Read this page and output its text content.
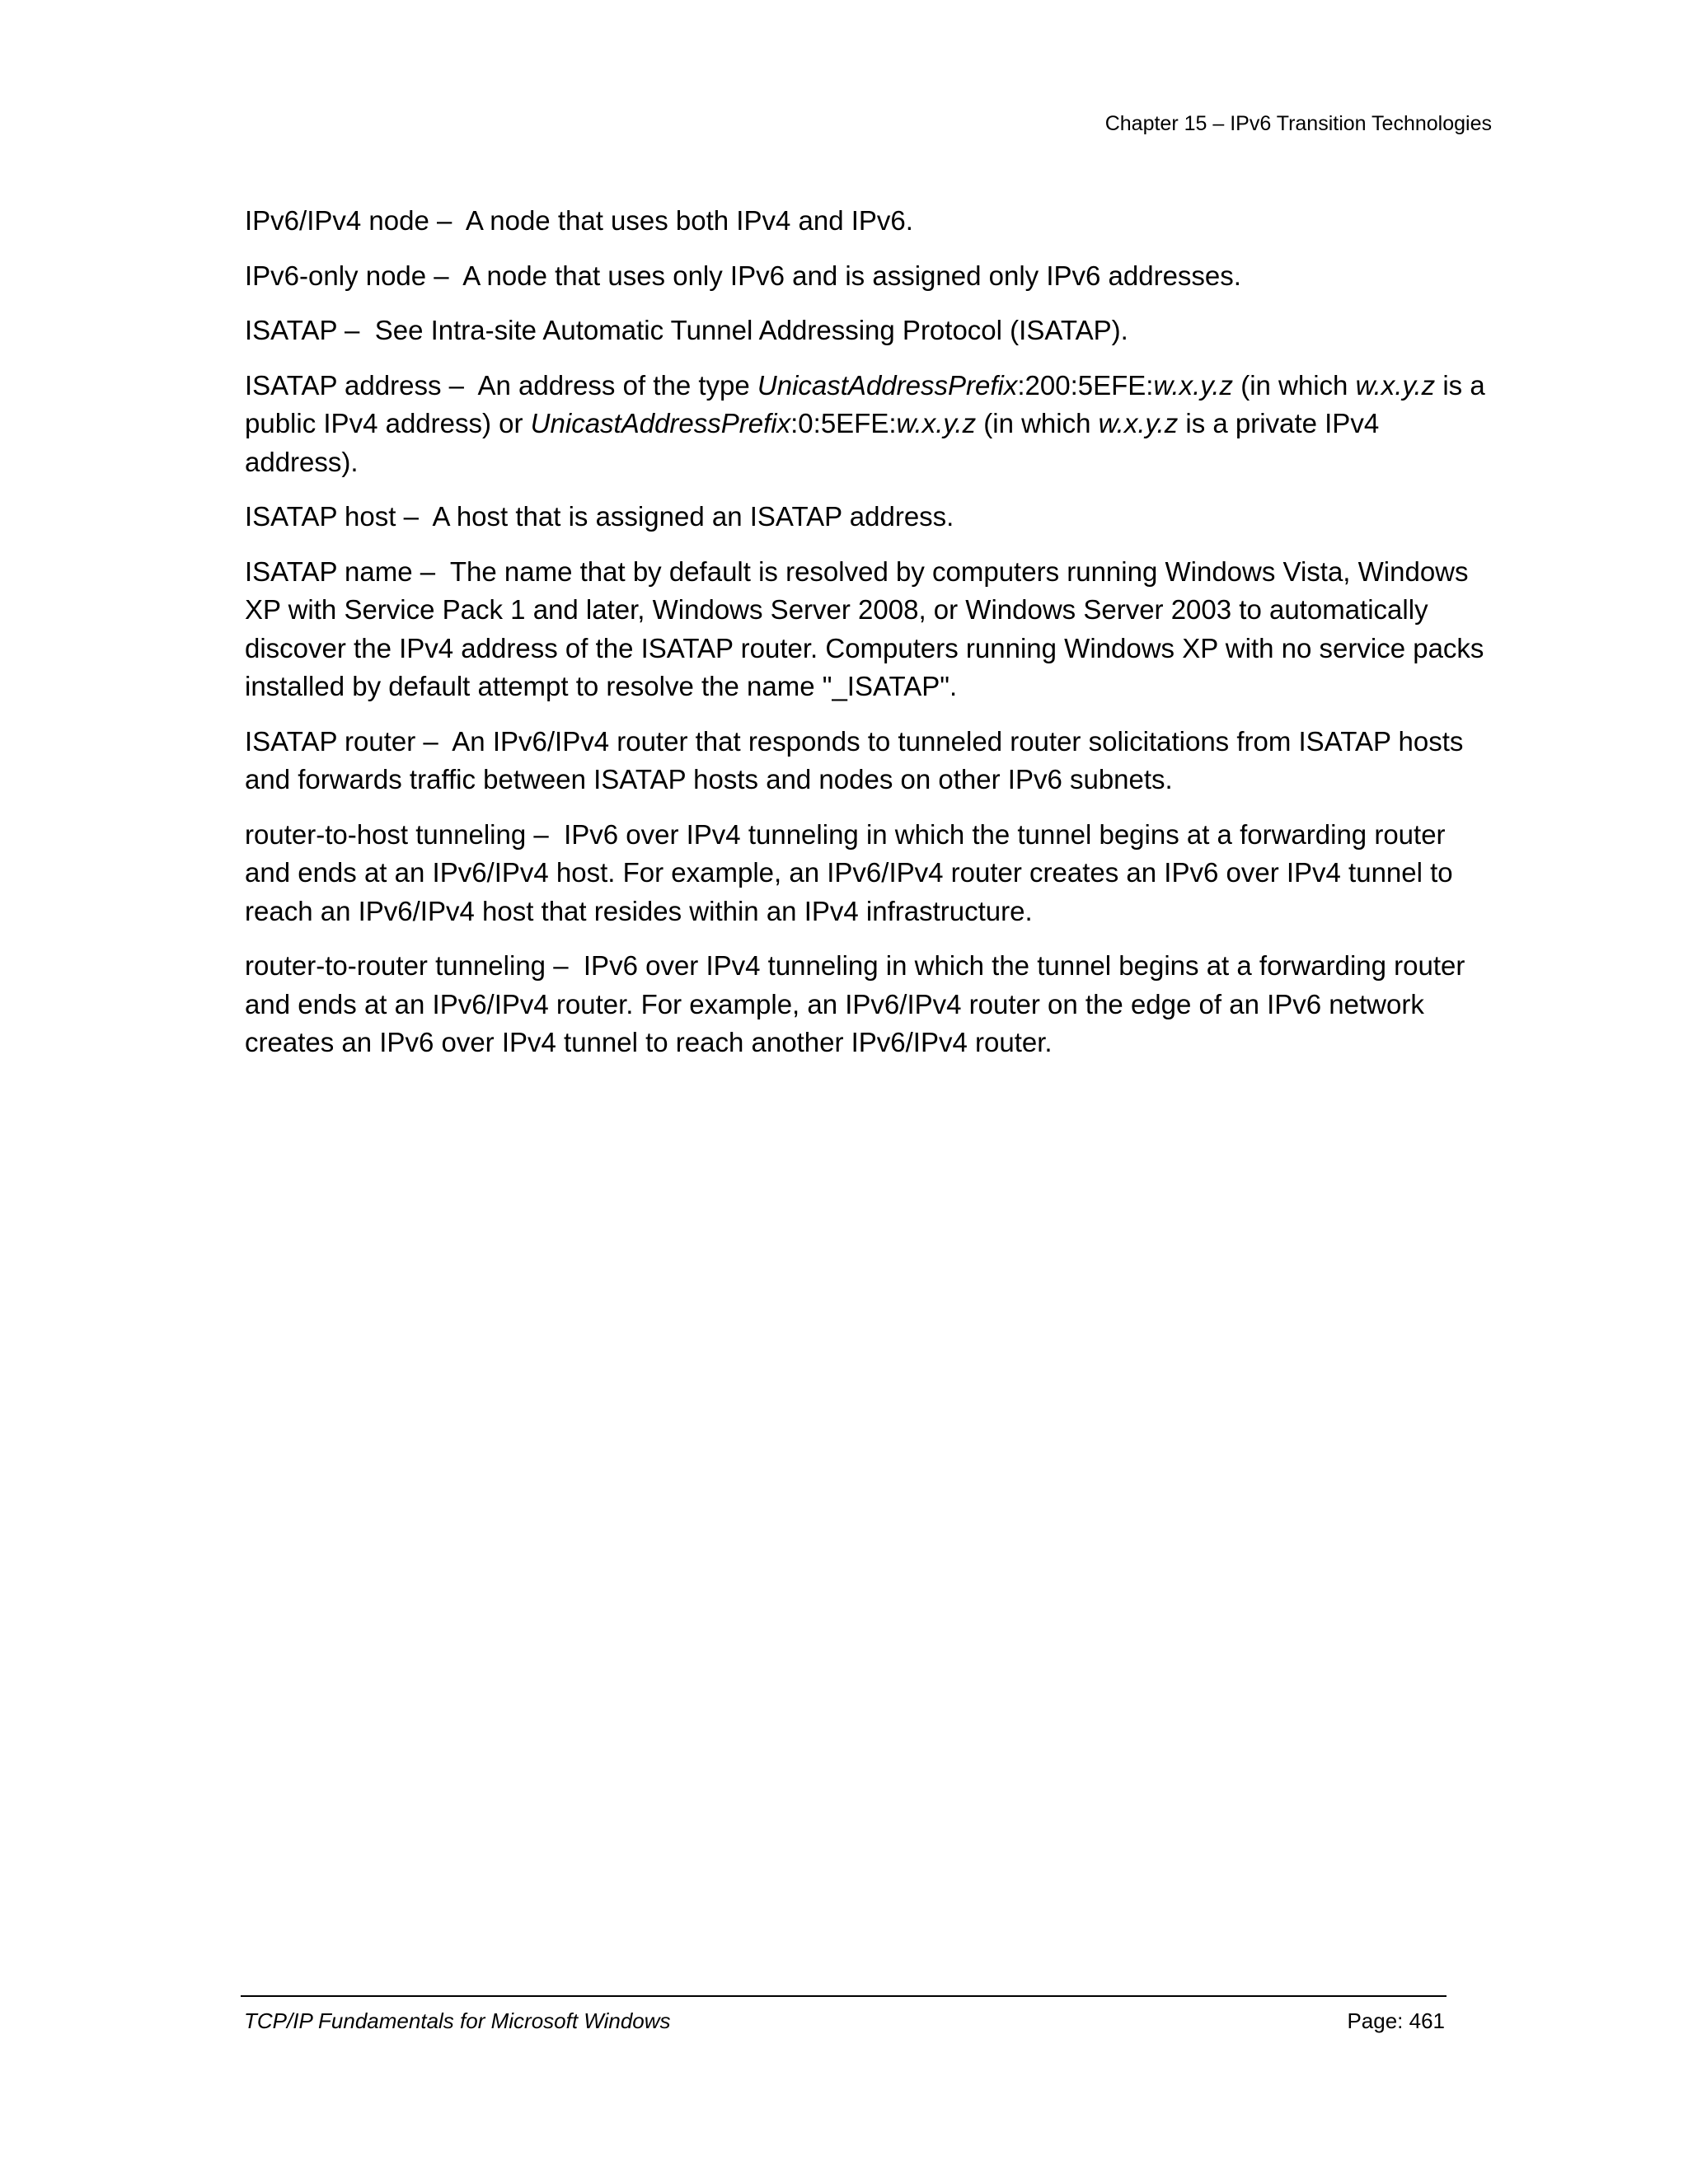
Chapter 15 – IPv6 Transition Technologies

IPv6/IPv4 node –  A node that uses both IPv4 and IPv6.

IPv6-only node –  A node that uses only IPv6 and is assigned only IPv6 addresses.

ISATAP –  See Intra-site Automatic Tunnel Addressing Protocol (ISATAP).

ISATAP address –  An address of the type UnicastAddressPrefix:200:5EFE:w.x.y.z (in which w.x.y.z is a public IPv4 address) or UnicastAddressPrefix:0:5EFE:w.x.y.z (in which w.x.y.z is a private IPv4 address).

ISATAP host –  A host that is assigned an ISATAP address.

ISATAP name –  The name that by default is resolved by computers running Windows Vista, Windows XP with Service Pack 1 and later, Windows Server 2008, or Windows Server 2003 to automatically discover the IPv4 address of the ISATAP router. Computers running Windows XP with no service packs installed by default attempt to resolve the name "_ISATAP".

ISATAP router –  An IPv6/IPv4 router that responds to tunneled router solicitations from ISATAP hosts and forwards traffic between ISATAP hosts and nodes on other IPv6 subnets.

router-to-host tunneling –  IPv6 over IPv4 tunneling in which the tunnel begins at a forwarding router and ends at an IPv6/IPv4 host. For example, an IPv6/IPv4 router creates an IPv6 over IPv4 tunnel to reach an IPv6/IPv4 host that resides within an IPv4 infrastructure.

router-to-router tunneling –  IPv6 over IPv4 tunneling in which the tunnel begins at a forwarding router and ends at an IPv6/IPv4 router. For example, an IPv6/IPv4 router on the edge of an IPv6 network creates an IPv6 over IPv4 tunnel to reach another IPv6/IPv4 router.

TCP/IP Fundamentals for Microsoft Windows	Page: 461
